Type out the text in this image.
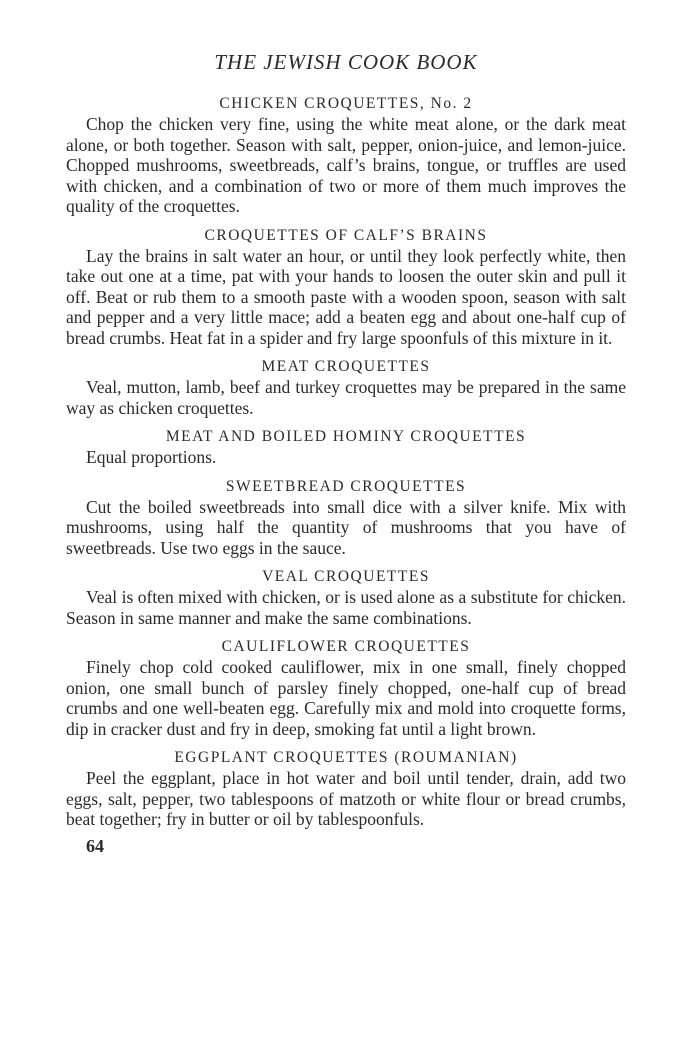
THE JEWISH COOK BOOK
CHICKEN CROQUETTES, No. 2

Chop the chicken very fine, using the white meat alone, or the dark meat alone, or both together. Season with salt, pepper, onion-juice, and lemon-juice. Chopped mushrooms, sweetbreads, calf’s brains, tongue, or truffles are used with chicken, and a combination of two or more of them much improves the quality of the croquettes.

CROQUETTES OF CALF’S BRAINS

Lay the brains in salt water an hour, or until they look perfectly white, then take out one at a time, pat with your hands to loosen the outer skin and pull it off. Beat or rub them to a smooth paste with a wooden spoon, season with salt and pepper and a very little mace; add a beaten egg and about one-half cup of bread crumbs. Heat fat in a spider and fry large spoonfuls of this mixture in it.

MEAT CROQUETTES

Veal, mutton, lamb, beef and turkey croquettes may be prepared in the same way as chicken croquettes.

MEAT AND BOILED HOMINY CROQUETTES

Equal proportions.

SWEETBREAD CROQUETTES

Cut the boiled sweetbreads into small dice with a silver knife. Mix with mushrooms, using half the quantity of mushrooms that you have of sweetbreads. Use two eggs in the sauce.

VEAL CROQUETTES

Veal is often mixed with chicken, or is used alone as a substitute for chicken. Season in same manner and make the same combinations.

CAULIFLOWER CROQUETTES

Finely chop cold cooked cauliflower, mix in one small, finely chopped onion, one small bunch of parsley finely chopped, one-half cup of bread crumbs and one well-beaten egg. Carefully mix and mold into croquette forms, dip in cracker dust and fry in deep, smoking fat until a light brown.

EGGPLANT CROQUETTES (ROUMANIAN)

Peel the eggplant, place in hot water and boil until tender, drain, add two eggs, salt, pepper, two tablespoons of matzoth or white flour or bread crumbs, beat together; fry in butter or oil by tablespoonfuls.

64
